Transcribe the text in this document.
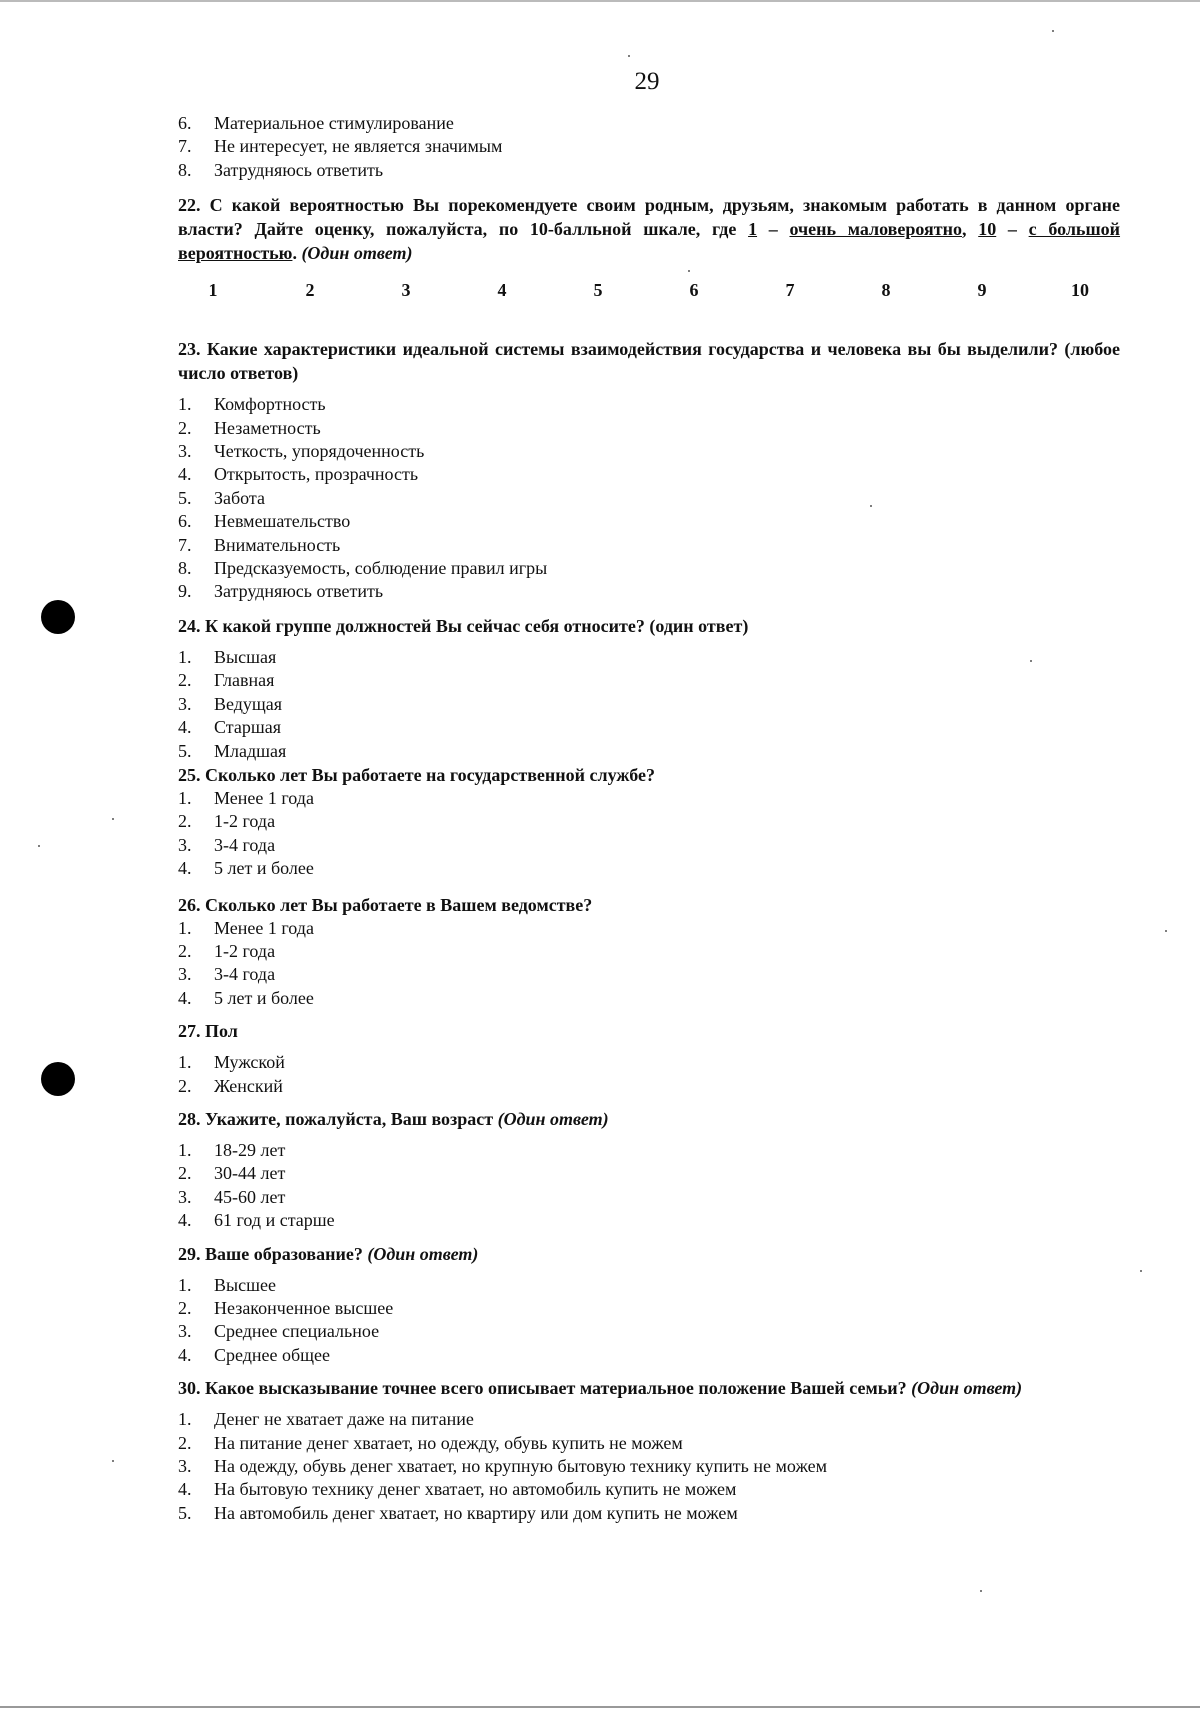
29
6. Материальное стимулирование
7. Не интересует, не является значимым
8. Затрудняюсь ответить
22. С какой вероятностью Вы порекомендуете своим родным, друзьям, знакомым работать в данном органе власти? Дайте оценку, пожалуйста, по 10-балльной шкале, где 1 – очень маловероятно, 10 – с большой вероятностью. (Один ответ)
1	2	3	4	5	6	7	8	9	10
23. Какие характеристики идеальной системы взаимодействия государства и человека вы бы выделили? (любое число ответов)
1. Комфортность
2. Незаметность
3. Четкость, упорядоченность
4. Открытость, прозрачность
5. Забота
6. Невмешательство
7. Внимательность
8. Предсказуемость, соблюдение правил игры
9. Затрудняюсь ответить
24. К какой группе должностей Вы сейчас себя относите? (один ответ)
1. Высшая
2. Главная
3. Ведущая
4. Старшая
5. Младшая
25. Сколько лет Вы работаете на государственной службе?
1. Менее 1 года
2. 1-2 года
3. 3-4 года
4. 5 лет и более
26. Сколько лет Вы работаете в Вашем ведомстве?
1. Менее 1 года
2. 1-2 года
3. 3-4 года
4. 5 лет и более
27. Пол
1. Мужской
2. Женский
28. Укажите, пожалуйста, Ваш возраст (Один ответ)
1. 18-29 лет
2. 30-44 лет
3. 45-60 лет
4. 61 год и старше
29. Ваше образование? (Один ответ)
1. Высшее
2. Незаконченное высшее
3. Среднее специальное
4. Среднее общее
30. Какое высказывание точнее всего описывает материальное положение Вашей семьи? (Один ответ)
1. Денег не хватает даже на питание
2. На питание денег хватает, но одежду, обувь купить не можем
3. На одежду, обувь денег хватает, но крупную бытовую технику купить не можем
4. На бытовую технику денег хватает, но автомобиль купить не можем
5. На автомобиль денег хватает, но квартиру или дом купить не можем
